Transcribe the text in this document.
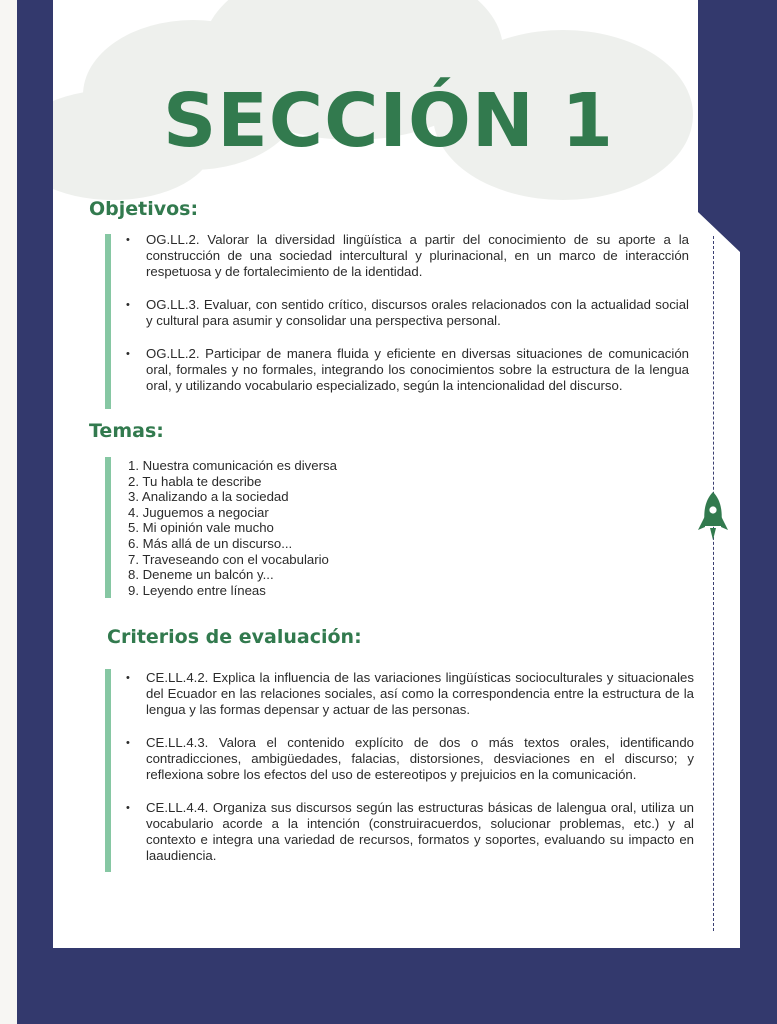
SECCIÓN 1
Objetivos:
• OG.LL.2. Valorar la diversidad lingüística a partir del conocimiento de su aporte a la construcción de una sociedad intercultural y plurinacional, en un marco de interacción respetuosa y de fortalecimiento de la identidad.
• OG.LL.3. Evaluar, con sentido crítico, discursos orales relacionados con la actualidad social y cultural para asumir y consolidar una perspectiva personal.
• OG.LL.2. Participar de manera fluida y eficiente en diversas situaciones de comunicación oral, formales y no formales, integrando los conocimientos sobre la estructura de la lengua oral, y utilizando vocabulario especializado, según la intencionalidad del discurso.
Temas:
1. Nuestra comunicación es diversa
2. Tu habla te describe
3. Analizando a la sociedad
4. Juguemos a negociar
5. Mi opinión vale mucho
6. Más allá de un discurso...
7. Traveseando con el vocabulario
8. Deneme un balcón y...
9. Leyendo entre líneas
Criterios de evaluación:
• CE.LL.4.2. Explica la influencia de las variaciones lingüísticas socioculturales y situacionales del Ecuador en las relaciones sociales, así como la correspondencia entre la estructura de la lengua y las formas depensar y actuar de las personas.
• CE.LL.4.3. Valora el contenido explícito de dos o más textos orales, identificando contradicciones, ambigüedades, falacias, distorsiones, desviaciones en el discurso; y reflexiona sobre los efectos del uso de estereotipos y prejuicios en la comunicación.
• CE.LL.4.4. Organiza sus discursos según las estructuras básicas de lalengua oral, utiliza un vocabulario acorde a la intención (construiracuerdos, solucionar problemas, etc.) y al contexto e integra una variedad de recursos, formatos y soportes, evaluando su impacto en laaudiencia.
